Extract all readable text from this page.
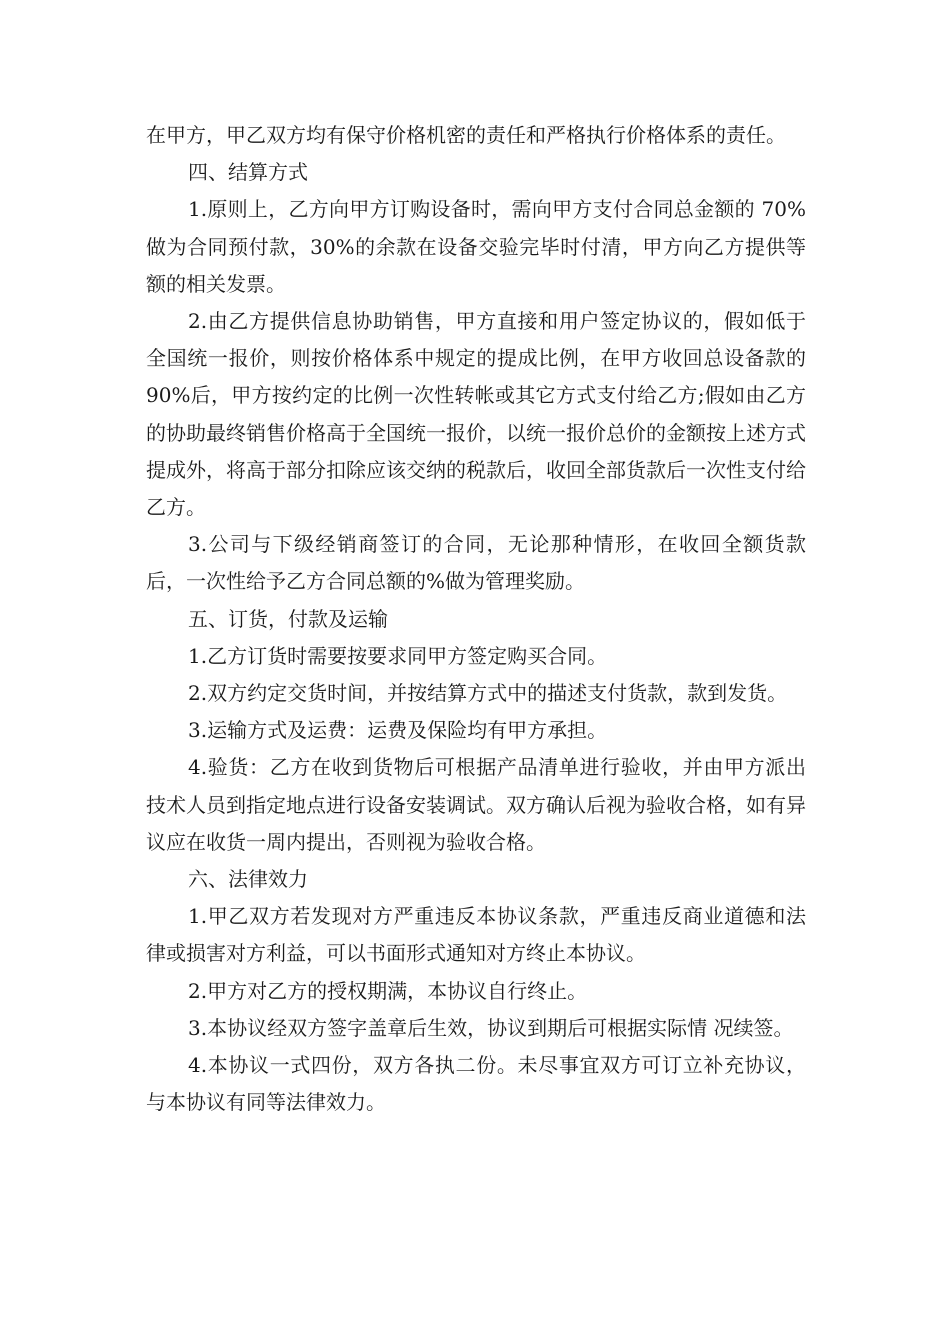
在甲方，甲乙双方均有保守价格机密的责任和严格执行价格体系的责任。

四、结算方式

1.原则上，乙方向甲方订购设备时，需向甲方支付合同总金额的 70%做为合同预付款，30%的余款在设备交验完毕时付清，甲方向乙方提供等额的相关发票。

2.由乙方提供信息协助销售，甲方直接和用户签定协议的，假如低于全国统一报价，则按价格体系中规定的提成比例，在甲方收回总设备款的 90%后，甲方按约定的比例一次性转帐或其它方式支付给乙方;假如由乙方的协助最终销售价格高于全国统一报价，以统一报价总价的金额按上述方式提成外，将高于部分扣除应该交纳的税款后，收回全部货款后一次性支付给乙方。

3.公司与下级经销商签订的合同，无论那种情形，在收回全额货款后，一次性给予乙方合同总额的%做为管理奖励。

五、订货，付款及运输

1.乙方订货时需要按要求同甲方签定购买合同。

2.双方约定交货时间，并按结算方式中的描述支付货款，款到发货。

3.运输方式及运费：运费及保险均有甲方承担。

4.验货：乙方在收到货物后可根据产品清单进行验收，并由甲方派出技术人员到指定地点进行设备安装调试。双方确认后视为验收合格，如有异议应在收货一周内提出，否则视为验收合格。

六、法律效力

1.甲乙双方若发现对方严重违反本协议条款，严重违反商业道德和法律或损害对方利益，可以书面形式通知对方终止本协议。

2.甲方对乙方的授权期满，本协议自行终止。

3.本协议经双方签字盖章后生效，协议到期后可根据实际情 况续签。

4.本协议一式四份，双方各执二份。未尽事宜双方可订立补充协议，与本协议有同等法律效力。
